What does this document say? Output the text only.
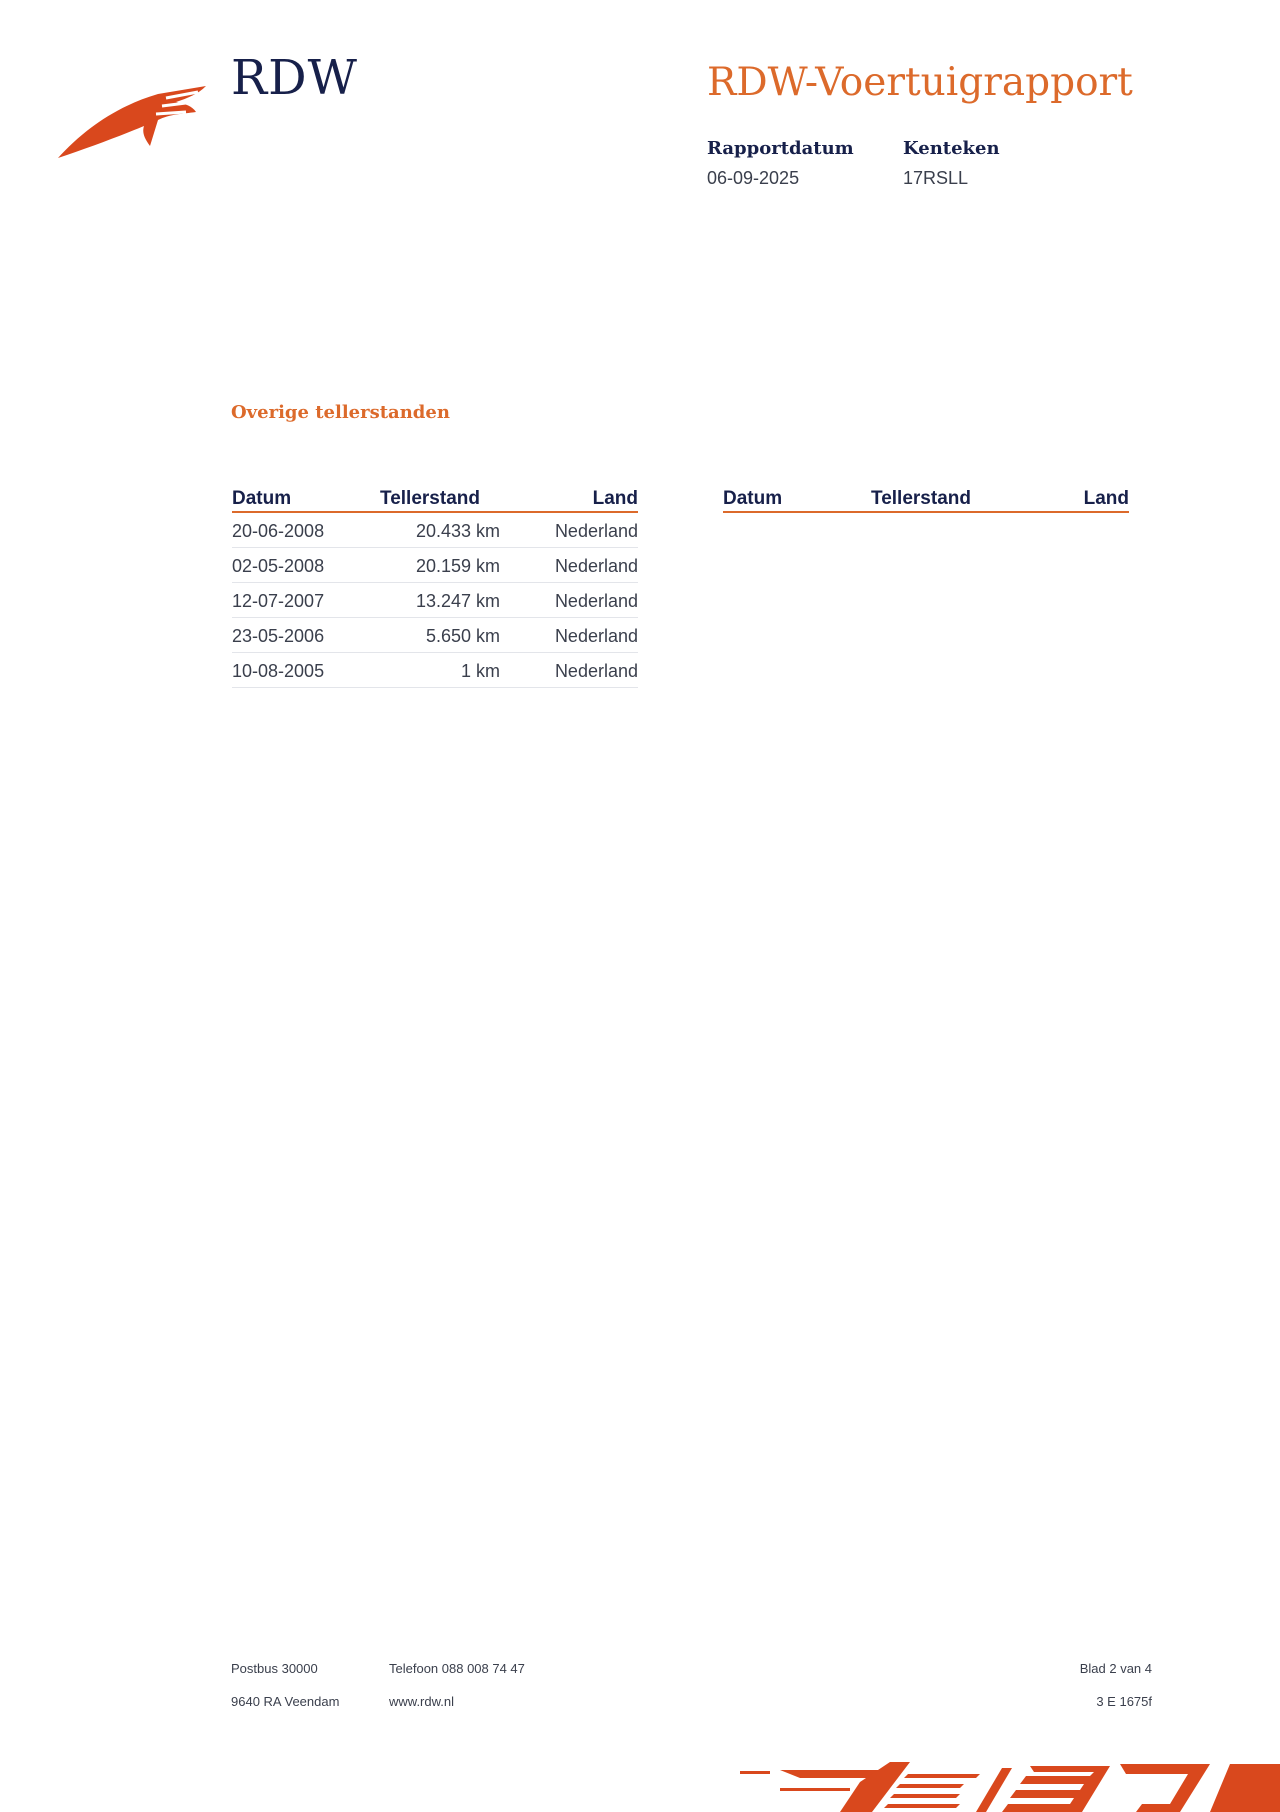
RDW	RDW-Voertuigrapport
Rapportdatum
06-09-2025
Kenteken
17RSLL
Overige tellerstanden
Datum	Tellerstand	Land
20-06-2008	20.433 km	Nederland
02-05-2008	20.159 km	Nederland
12-07-2007	13.247 km	Nederland
23-05-2006	5.650 km	Nederland
10-08-2005	1 km	Nederland
Datum	Tellerstand	Land
Postbus 30000
9640 RA Veendam
Telefoon 088 008 74 47
www.rdw.nl
Blad 2 van 4
3 E 1675f
